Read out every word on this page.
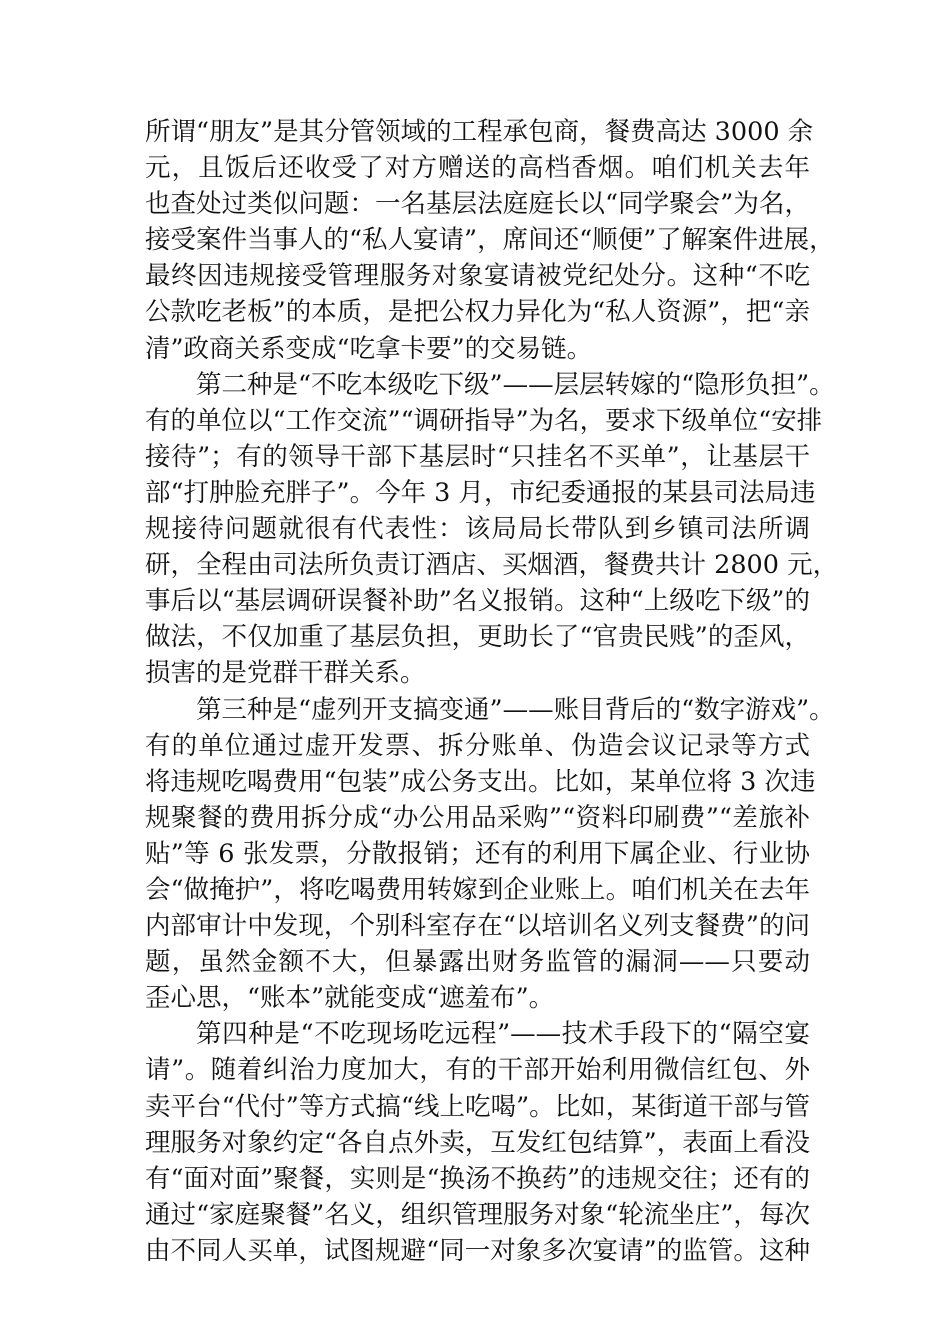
所谓“朋友”是其分管领域的工程承包商，餐费高达 3000 余
元，且饭后还收受了对方赠送的高档香烟。咱们机关去年
也查处过类似问题：一名基层法庭庭长以“同学聚会”为名，
接受案件当事人的“私人宴请”，席间还“顺便”了解案件进展，
最终因违规接受管理服务对象宴请被党纪处分。这种“不吃
公款吃老板”的本质，是把公权力异化为“私人资源”，把“亲
清”政商关系变成“吃拿卡要”的交易链。
第二种是“不吃本级吃下级”——层层转嫁的“隐形负担”。
有的单位以“工作交流”“调研指导”为名，要求下级单位“安排
接待”；有的领导干部下基层时“只挂名不买单”，让基层干
部“打肿脸充胖子”。今年 3 月，市纪委通报的某县司法局违
规接待问题就很有代表性：该局局长带队到乡镇司法所调
研，全程由司法所负责订酒店、买烟酒，餐费共计 2800 元，
事后以“基层调研误餐补助”名义报销。这种“上级吃下级”的
做法，不仅加重了基层负担，更助长了“官贵民贱”的歪风，
损害的是党群干群关系。
第三种是“虚列开支搞变通”——账目背后的“数字游戏”。
有的单位通过虚开发票、拆分账单、伪造会议记录等方式
将违规吃喝费用“包装”成公务支出。比如，某单位将 3 次违
规聚餐的费用拆分成“办公用品采购”“资料印刷费”“差旅补
贴”等 6 张发票，分散报销；还有的利用下属企业、行业协
会“做掩护”，将吃喝费用转嫁到企业账上。咱们机关在去年
内部审计中发现，个别科室存在“以培训名义列支餐费”的问
题，虽然金额不大，但暴露出财务监管的漏洞——只要动
歪心思，“账本”就能变成“遮羞布”。
第四种是“不吃现场吃远程”——技术手段下的“隔空宴
请”。随着纠治力度加大，有的干部开始利用微信红包、外
卖平台“代付”等方式搞“线上吃喝”。比如，某街道干部与管
理服务对象约定“各自点外卖，互发红包结算”，表面上看没
有“面对面”聚餐，实则是“换汤不换药”的违规交往；还有的
通过“家庭聚餐”名义，组织管理服务对象“轮流坐庄”，每次
由不同人买单，试图规避“同一对象多次宴请”的监管。这种
